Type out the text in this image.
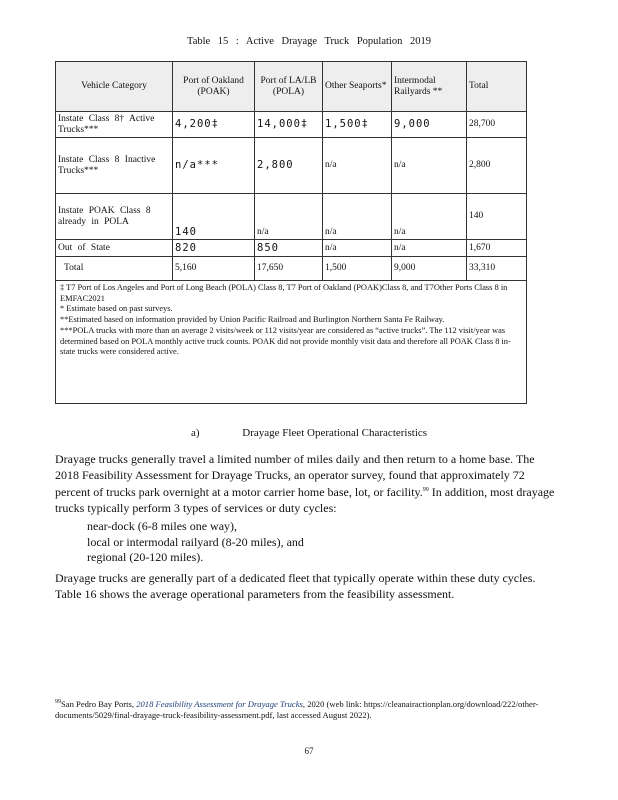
Table 15 : Active Drayage Truck Population 2019
Vehicle Category	Port of Oakland (POAK)	Port of LA/LB (POLA)	Other Seaports*	Intermodal Railyards **	Total
Instate Class 8† Active Trucks***	4,200‡	14,000‡	1,500‡	9,000	28,700
Instate Class 8 Inactive Trucks***	n/a***	2,800	n/a	n/a	2,800
Instate POAK Class 8 already in POLA	140	n/a	n/a	n/a	140
Out of State	820	850	n/a	n/a	1,670
Total	5,160	17,650	1,500	9,000	33,310

‡ T7 Port of Los Angeles and Port of Long Beach (POLA) Class 8, T7 Port of Oakland (POAK)Class 8, and T7Other Ports Class 8 in EMFAC2021

* Estimate based on past surveys.

**Estimated based on information provided by Union Pacific Railroad and Burlington Northern Santa Fe Railway.

***POLA trucks with more than an average 2 visits/week or 112 visits/year are considered as “active trucks”. The 112 visit/year was determined based on POLA monthly active truck counts. POAK did not provide monthly visit data and therefore all POAK Class 8 in-state trucks were considered active.					

a)	Drayage Fleet Operational Characteristics
Drayage trucks generally travel a limited number of miles daily and then return to a home base. The 2018 Feasibility Assessment for Drayage Trucks, an operator survey, found that approximately 72 percent of trucks park overnight at a motor carrier home base, lot, or facility.$^{99}$ In addition, most drayage trucks typically perform 3 types of services or duty cycles:
near-dock (6-8 miles one way),
local or intermodal railyard (8-20 miles), and
regional (20-120 miles).
Drayage trucks are generally part of a dedicated fleet that typically operate within these duty cycles. Table 16 shows the average operational parameters from the feasibility assessment.
$^{99}$San Pedro Bay Ports, 2018 Feasibility Assessment for Drayage Trucks, 2020 (web link: https://cleanairactionplan.org/download/222/other-documents/5029/final-drayage-truck-feasibility-assessment.pdf, last accessed August 2022).
67
